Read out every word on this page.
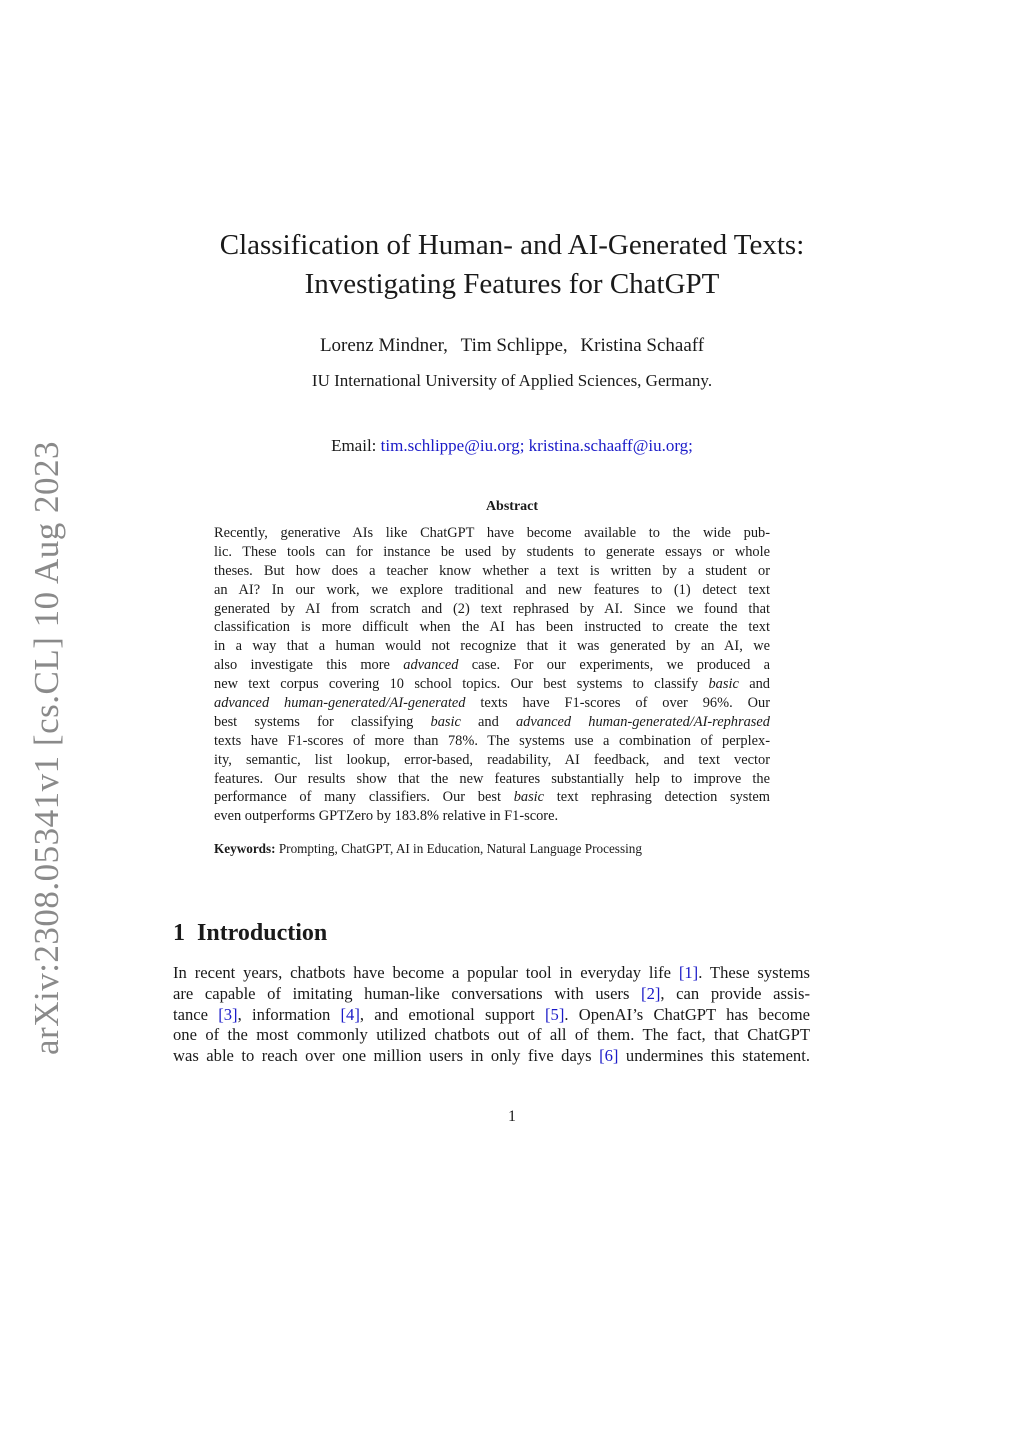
arXiv:2308.05341v1 [cs.CL] 10 Aug 2023
Classification of Human- and AI-Generated Texts:
Investigating Features for ChatGPT
Lorenz Mindner, Tim Schlippe, Kristina Schaaff
IU International University of Applied Sciences, Germany.
Email: tim.schlippe@iu.org; kristina.schaaff@iu.org;
Abstract
Recently, generative AIs like ChatGPT have become available to the wide pub-
lic. These tools can for instance be used by students to generate essays or whole
theses. But how does a teacher know whether a text is written by a student or
an AI? In our work, we explore traditional and new features to (1) detect text
generated by AI from scratch and (2) text rephrased by AI. Since we found that
classification is more difficult when the AI has been instructed to create the text
in a way that a human would not recognize that it was generated by an AI, we
also investigate this more advanced case. For our experiments, we produced a
new text corpus covering 10 school topics. Our best systems to classify basic and
advanced human-generated/AI-generated texts have F1-scores of over 96%. Our
best systems for classifying basic and advanced human-generated/AI-rephrased
texts have F1-scores of more than 78%. The systems use a combination of perplex-
ity, semantic, list lookup, error-based, readability, AI feedback, and text vector
features. Our results show that the new features substantially help to improve the
performance of many classifiers. Our best basic text rephrasing detection system
even outperforms GPTZero by 183.8% relative in F1-score.
Keywords: Prompting, ChatGPT, AI in Education, Natural Language Processing
1 Introduction
In recent years, chatbots have become a popular tool in everyday life [1]. These systems
are capable of imitating human-like conversations with users [2], can provide assis-
tance [3], information [4], and emotional support [5]. OpenAI’s ChatGPT has become
one of the most commonly utilized chatbots out of all of them. The fact, that ChatGPT
was able to reach over one million users in only five days [6] undermines this statement.
1
